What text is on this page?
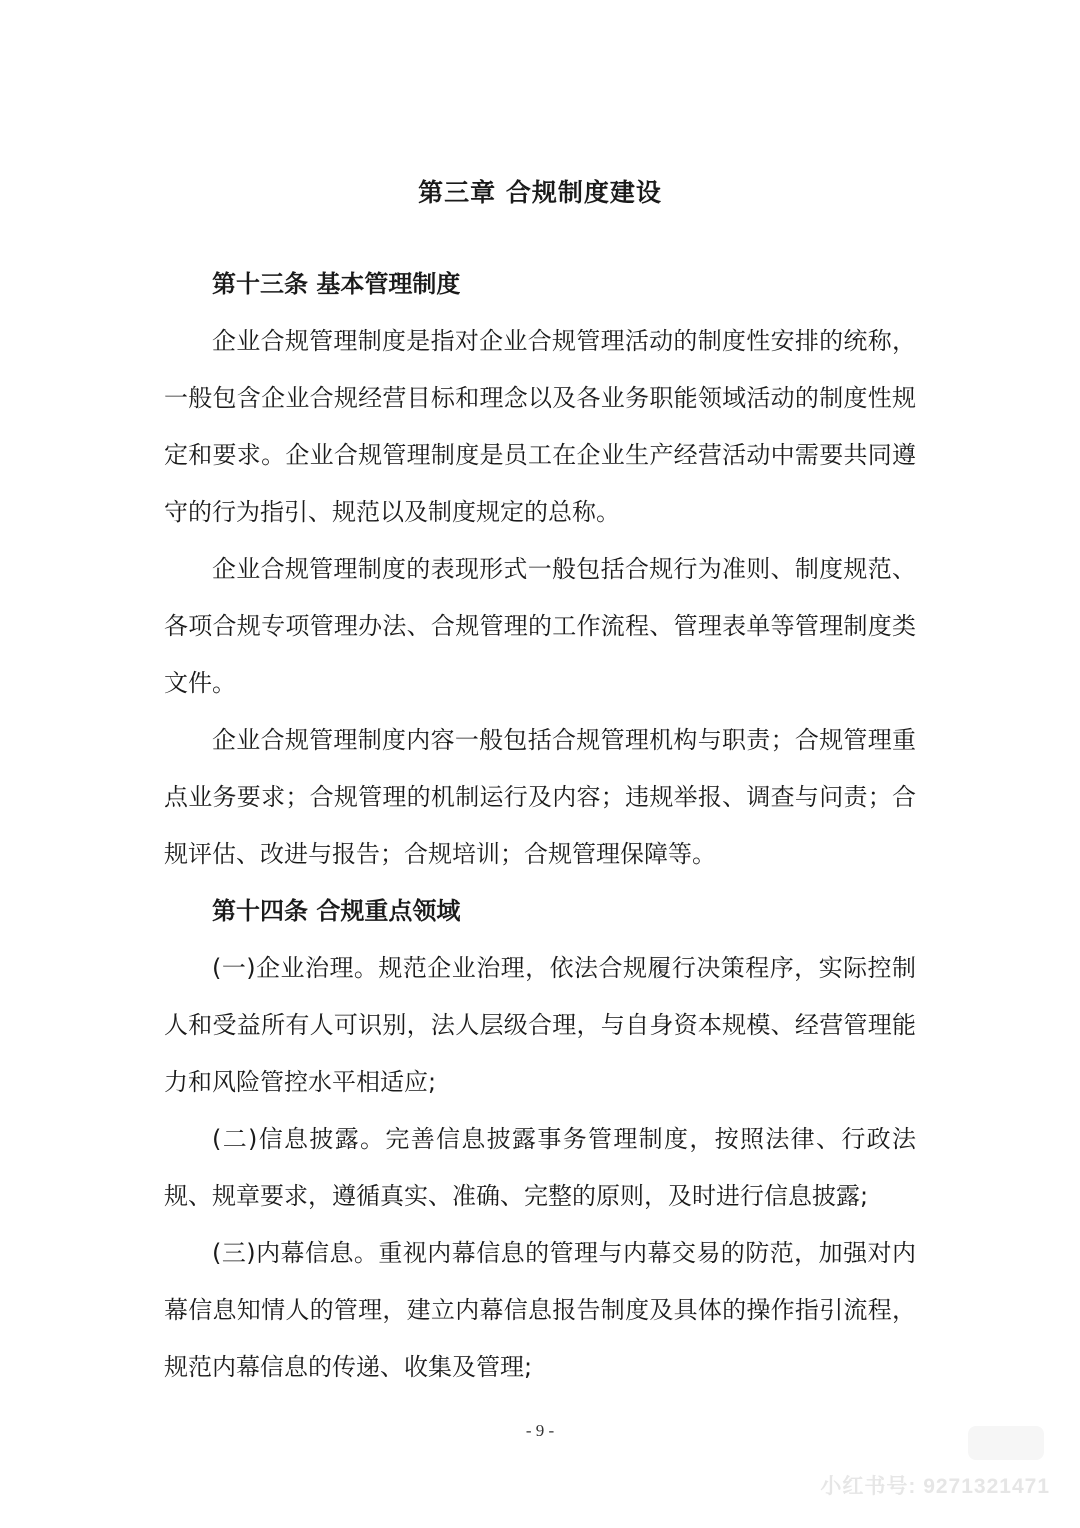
第三章 合规制度建设
第十三条 基本管理制度

企业合规管理制度是指对企业合规管理活动的制度性安排的统称，一般包含企业合规经营目标和理念以及各业务职能领域活动的制度性规定和要求。企业合规管理制度是员工在企业生产经营活动中需要共同遵守的行为指引、规范以及制度规定的总称。

企业合规管理制度的表现形式一般包括合规行为准则、制度规范、各项合规专项管理办法、合规管理的工作流程、管理表单等管理制度类文件。

企业合规管理制度内容一般包括合规管理机构与职责；合规管理重点业务要求；合规管理的机制运行及内容；违规举报、调查与问责；合规评估、改进与报告；合规培训；合规管理保障等。

第十四条 合规重点领域

(一)企业治理。规范企业治理，依法合规履行决策程序，实际控制人和受益所有人可识别，法人层级合理，与自身资本规模、经营管理能力和风险管控水平相适应;

(二)信息披露。完善信息披露事务管理制度，按照法律、行政法规、规章要求，遵循真实、准确、完整的原则，及时进行信息披露;

(三)内幕信息。重视内幕信息的管理与内幕交易的防范，加强对内幕信息知情人的管理，建立内幕信息报告制度及具体的操作指引流程，规范内幕信息的传递、收集及管理;

- 9 -
小红书号: 9271321471
